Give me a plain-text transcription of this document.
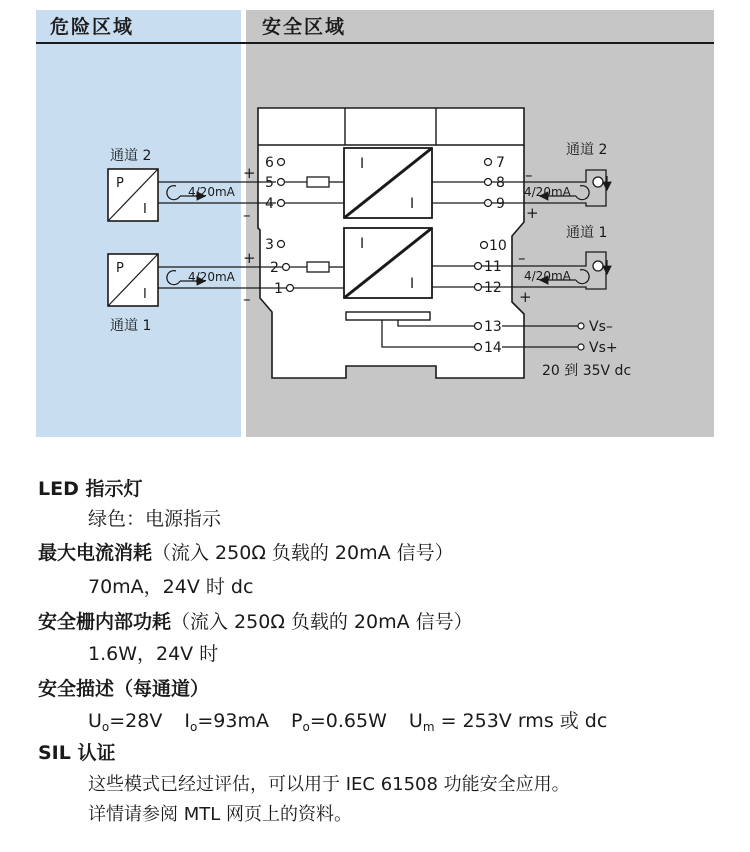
危险区域	安全区域
I
I
I
I
6
5
4
3
2
1
7
8
9
10
11
12
13
14
Vs–
Vs+
20 到 35V dc
通道 2
P
I
4/20mA
+
–
P
I
4/20mA
+
–
通道 1
通道 2
4/20mA
–
+
通道 1
4/20mA
–
+
LED 指示灯
绿色：电源指示
最大电流消耗（流入 250Ω 负载的 20mA 信号）
70mA，24V 时 dc
安全栅内部功耗（流入 250Ω 负载的 20mA 信号）
1.6W，24V 时
安全描述（每通道）
$U_o=28V$ $I_o=93mA$ $P_o=0.65W$ $U_m = 253V$ rms 或 dc
SIL 认证
这些模式已经过评估，可以用于 IEC 61508 功能安全应用。
详情请参阅 MTL 网页上的资料。
